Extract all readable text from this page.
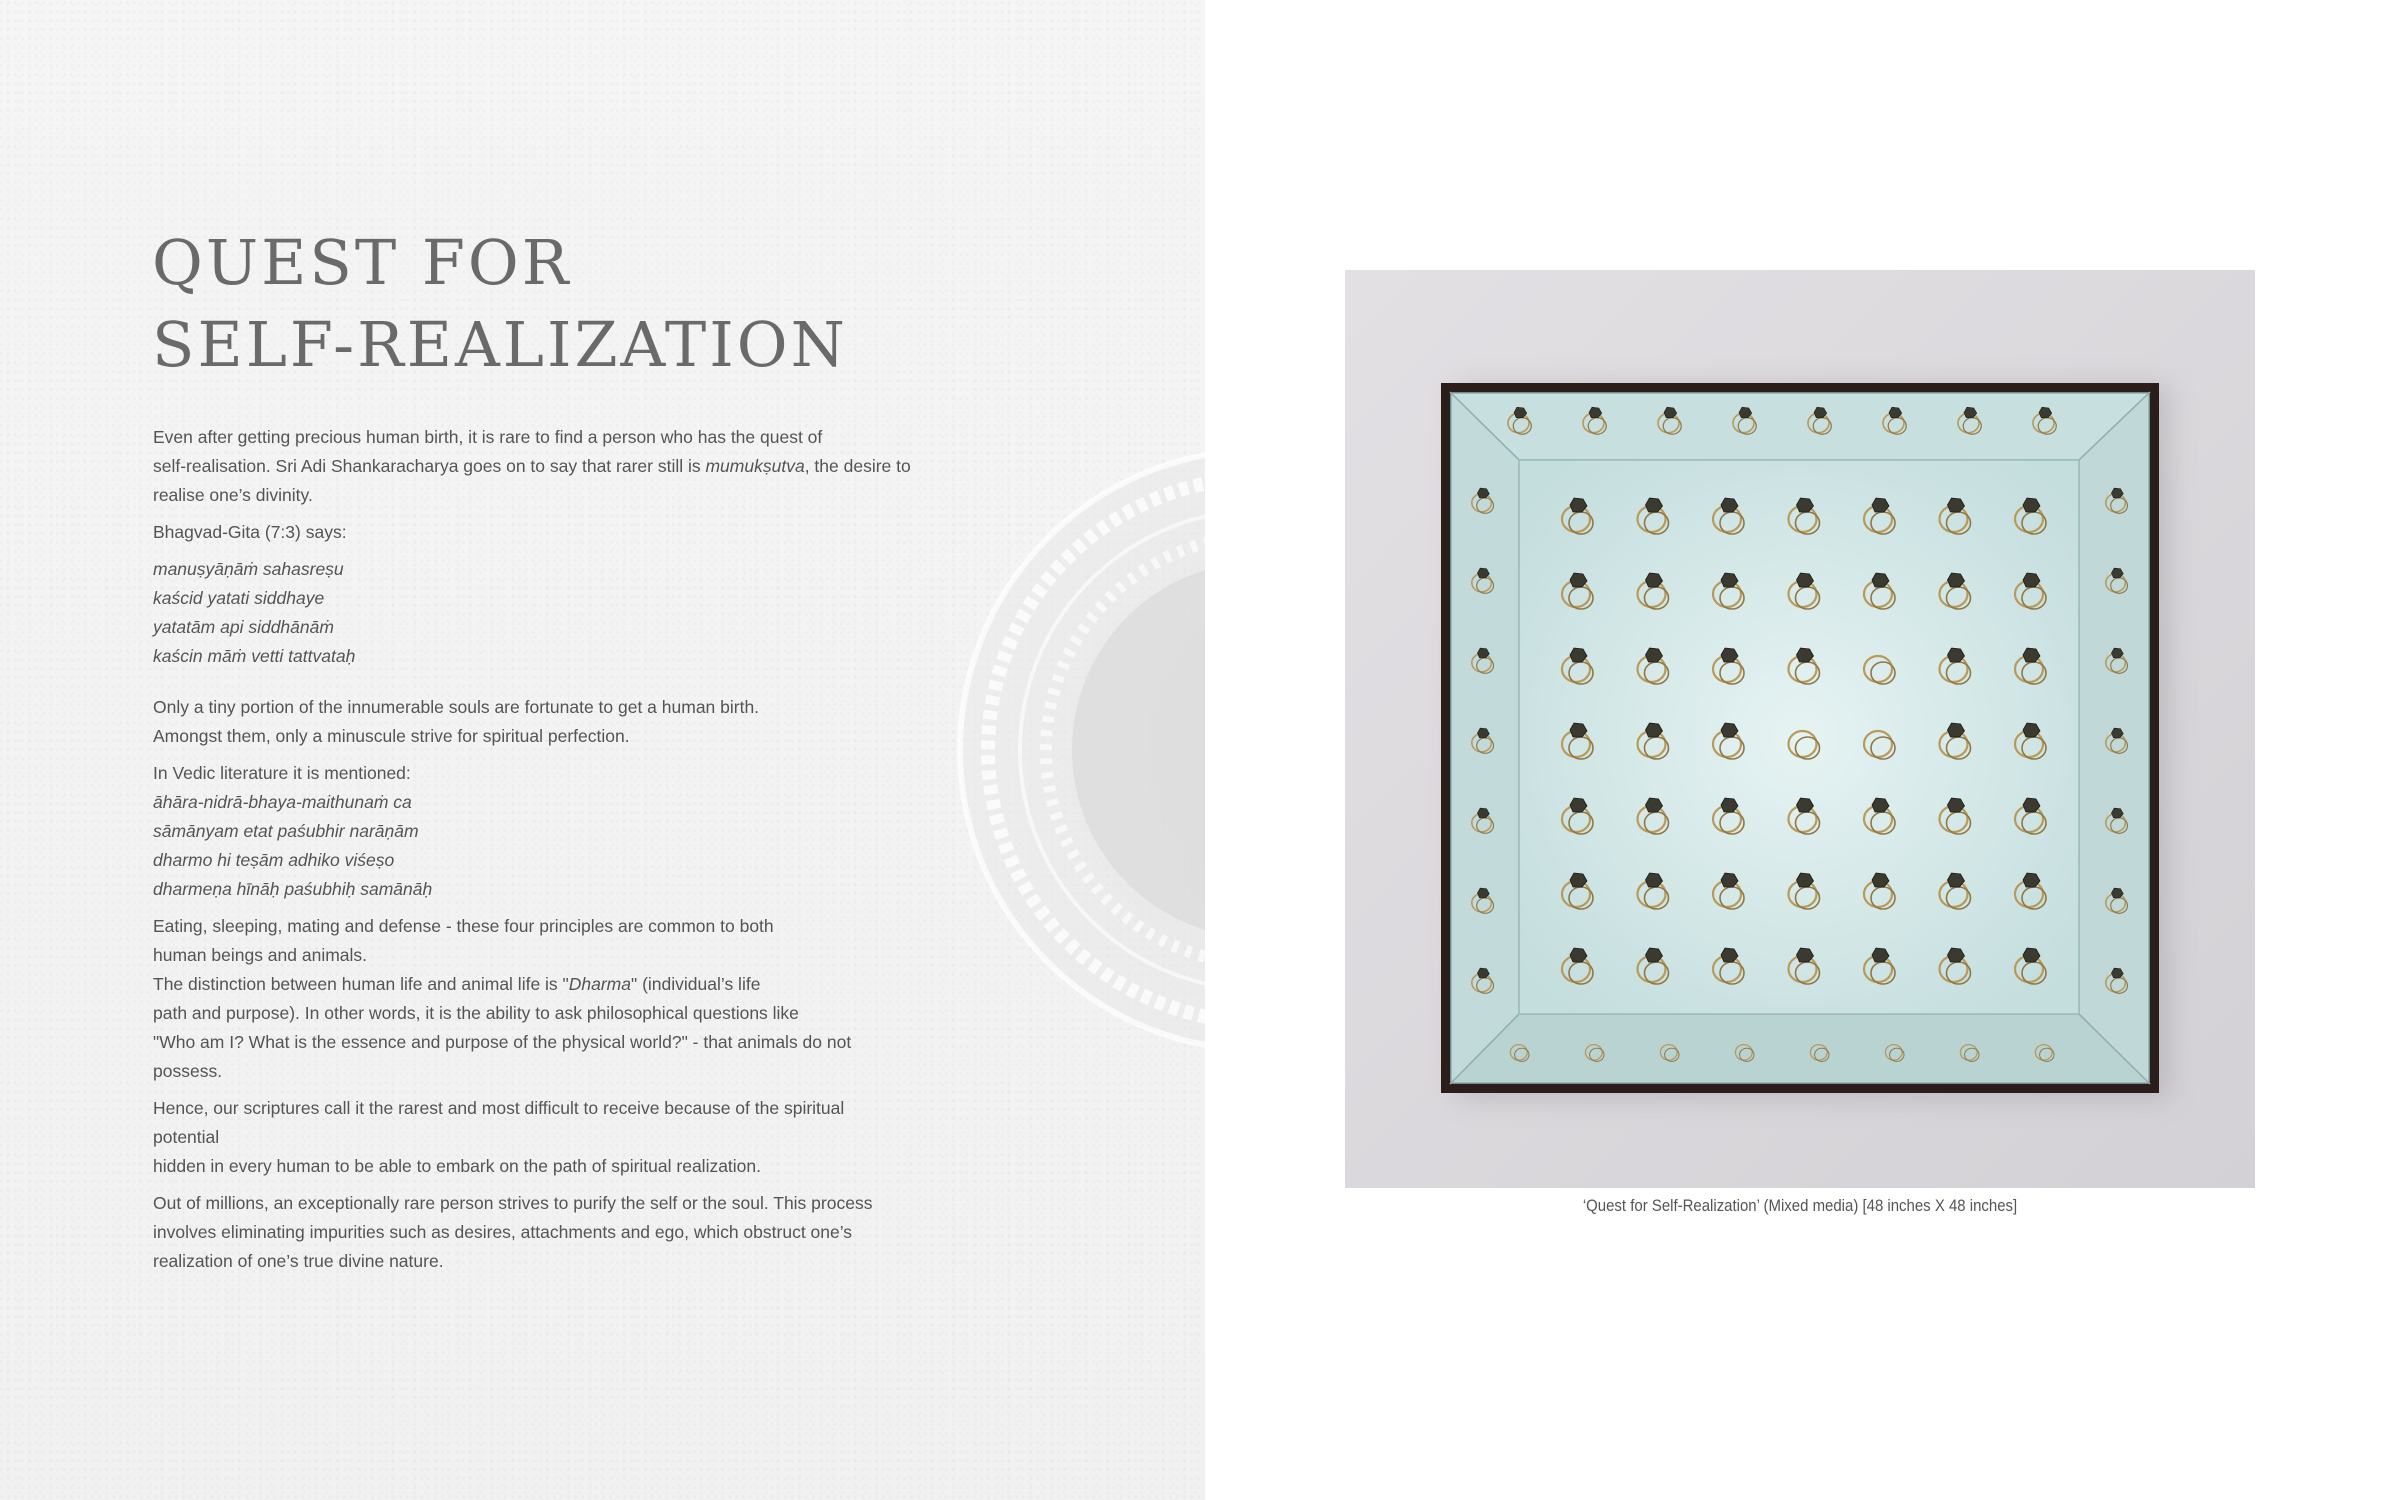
QUEST FOR
SELF-REALIZATION

Even after getting precious human birth, it is rare to find a person who has the quest of
self-realisation. Sri Adi Shankaracharya goes on to say that rarer still is mumukṣutva, the desire to
realise one’s divinity.

Bhagvad-Gita (7:3) says:

manuṣyāṇāṁ sahasreṣu
kaścid yatati siddhaye
yatatām api siddhānāṁ
kaścin māṁ vetti tattvataḥ

Only a tiny portion of the innumerable souls are fortunate to get a human birth.
Amongst them, only a minuscule strive for spiritual perfection.

In Vedic literature it is mentioned:

āhāra-nidrā-bhaya-maithunaṁ ca
sāmānyam etat paśubhir narāṇām
dharmo hi teṣām adhiko viśeṣo
dharmeṇa hīnāḥ paśubhiḥ samānāḥ

Eating, sleeping, mating and defense - these four principles are common to both
human beings and animals.
The distinction between human life and animal life is "Dharma" (individual’s life
path and purpose). In other words, it is the ability to ask philosophical questions like
"Who am I? What is the essence and purpose of the physical world?" - that animals do not
possess.

Hence, our scriptures call it the rarest and most difficult to receive because of the spiritual potential
hidden in every human to be able to embark on the path of spiritual realization.

Out of millions, an exceptionally rare person strives to purify the self or the soul. This process
involves eliminating impurities such as desires, attachments and ego, which obstruct one’s
realization of one’s true divine nature.

‘Quest for Self-Realization’ (Mixed media) [48 inches X 48 inches]
